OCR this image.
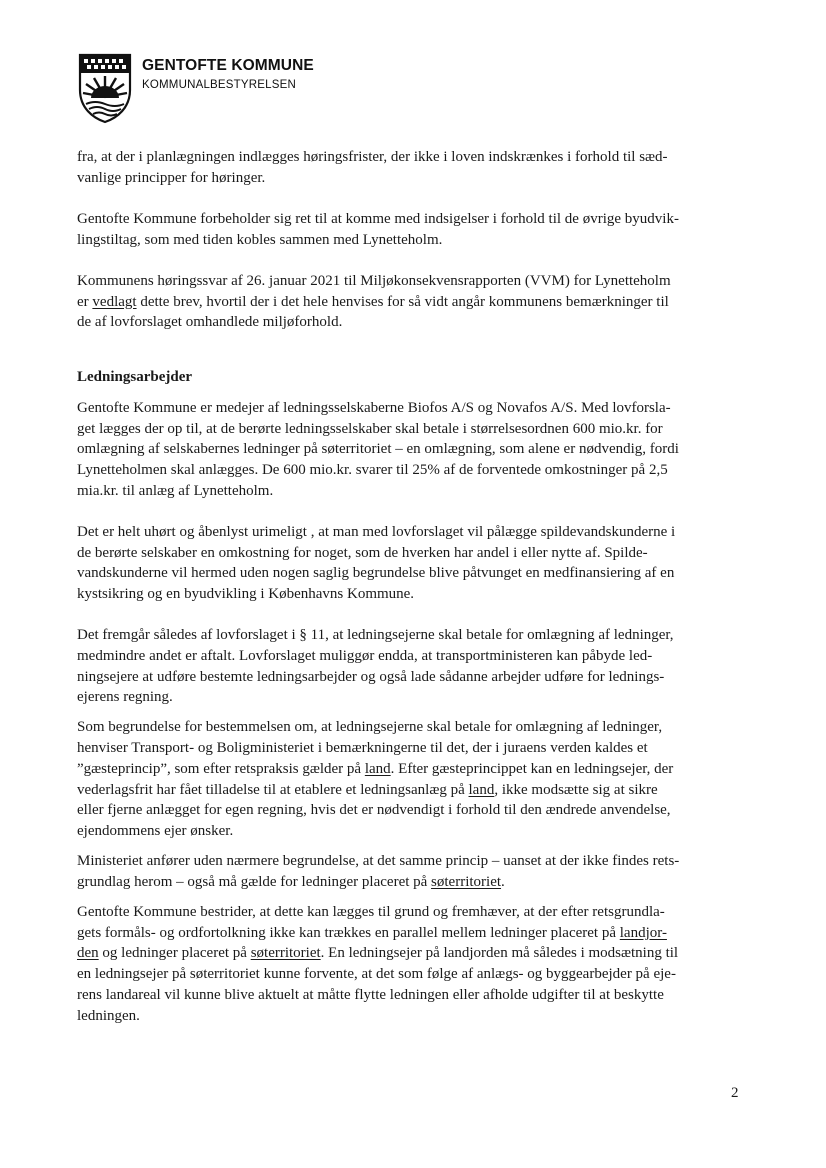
GENTOFTE KOMMUNE
KOMMUNALBESTYRELSEN

fra, at der i planlægningen indlægges høringsfrister, der ikke i loven indskrænkes i forhold til sæd-
vanlige principper for høringer.

Gentofte Kommune forbeholder sig ret til at komme med indsigelser i forhold til de øvrige byudvik-
lingstiltag, som med tiden kobles sammen med Lynetteholm.

Kommunens høringssvar af 26. januar 2021 til Miljøkonsekvensrapporten (VVM) for Lynetteholm
er vedlagt dette brev, hvortil der i det hele henvises for så vidt angår kommunens bemærkninger til
de af lovforslaget omhandlede miljøforhold.

Ledningsarbejder

Gentofte Kommune er medejer af ledningsselskaberne Biofos A/S og Novafos A/S. Med lovforsla-
get lægges der op til, at de berørte ledningsselskaber skal betale i størrelsesordnen 600 mio.kr. for
omlægning af selskabernes ledninger på søterritoriet – en omlægning, som alene er nødvendig, fordi
Lynetteholmen skal anlægges. De 600 mio.kr. svarer til 25% af de forventede omkostninger på 2,5
mia.kr. til anlæg af Lynetteholm.

Det er helt uhørt og åbenlyst urimeligt , at man med lovforslaget vil pålægge spildevandskunderne i
de berørte selskaber en omkostning for noget, som de hverken har andel i eller nytte af. Spilde-
vandskunderne vil hermed uden nogen saglig begrundelse blive påtvunget en medfinansiering af en
kystsikring og en byudvikling i Københavns Kommune.

Det fremgår således af lovforslaget i § 11, at ledningsejerne skal betale for omlægning af ledninger,
medmindre andet er aftalt. Lovforslaget muliggør endda, at transportministeren kan påbyde led-
ningsejere at udføre bestemte ledningsarbejder og også lade sådanne arbejder udføre for lednings-
ejerens regning.

Som begrundelse for bestemmelsen om, at ledningsejerne skal betale for omlægning af ledninger,
henviser Transport- og Boligministeriet i bemærkningerne til det, der i juraens verden kaldes et
”gæsteprincip”, som efter retspraksis gælder på land. Efter gæsteprincippet kan en ledningsejer, der
vederlagsfrit har fået tilladelse til at etablere et ledningsanlæg på land, ikke modsætte sig at sikre
eller fjerne anlægget for egen regning, hvis det er nødvendigt i forhold til den ændrede anvendelse,
ejendommens ejer ønsker.

Ministeriet anfører uden nærmere begrundelse, at det samme princip – uanset at der ikke findes rets-
grundlag herom – også må gælde for ledninger placeret på søterritoriet.

Gentofte Kommune bestrider, at dette kan lægges til grund og fremhæver, at der efter retsgrundla-
gets formåls- og ordfortolkning ikke kan trækkes en parallel mellem ledninger placeret på landjor-
den og ledninger placeret på søterritoriet. En ledningsejer på landjorden må således i modsætning til
en ledningsejer på søterritoriet kunne forvente, at det som følge af anlægs- og byggearbejder på eje-
rens landareal vil kunne blive aktuelt at måtte flytte ledningen eller afholde udgifter til at beskytte
ledningen.

2
